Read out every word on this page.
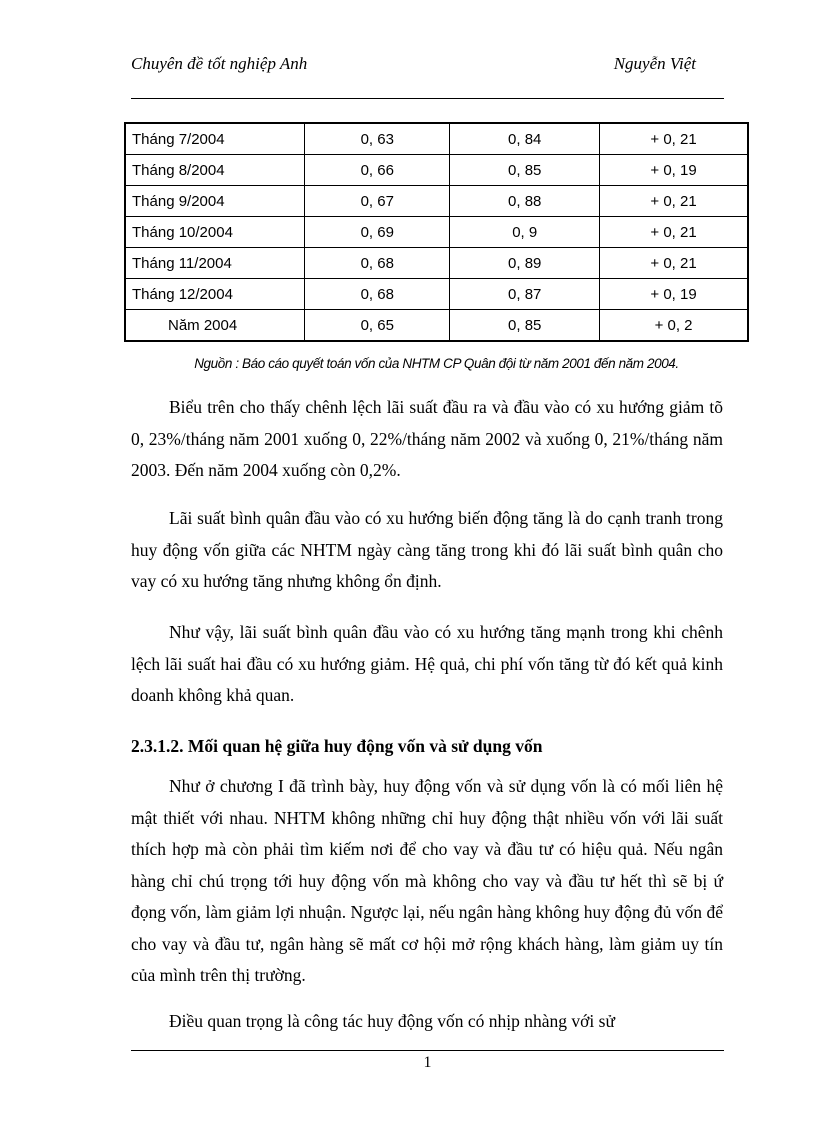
Chuyên đề tốt nghiệp Anh	Nguyễn Việt
Tháng 7/2004	0, 63	0, 84	+ 0, 21
Tháng 8/2004	0, 66	0, 85	+ 0, 19
Tháng 9/2004	0, 67	0, 88	+ 0, 21
Tháng 10/2004	0, 69	0, 9	+ 0, 21
Tháng 11/2004	0, 68	0, 89	+ 0, 21
Tháng 12/2004	0, 68	0, 87	+ 0, 19
Năm 2004	0, 65	0, 85	+ 0, 2
Nguồn : Báo cáo quyết toán vốn của NHTM CP Quân đội từ năm 2001 đến năm 2004.

Biểu trên cho thấy chênh lệch lãi suất đầu ra và đầu vào có xu hướng giảm tõ 0, 23%/tháng năm 2001 xuống 0, 22%/tháng năm 2002 và xuống 0, 21%/tháng năm 2003. Đến năm 2004 xuống còn 0,2%.

Lãi suất bình quân đầu vào có xu hướng biến động tăng là do cạnh tranh trong huy động vốn giữa các NHTM ngày càng tăng trong khi đó lãi suất bình quân cho vay có xu hướng tăng nhưng không ổn định.

Như vậy, lãi suất bình quân đầu vào có xu hướng tăng mạnh trong khi chênh lệch lãi suất hai đầu có xu hướng giảm. Hệ quả, chi phí vốn tăng từ đó kết quả kinh doanh không khả quan.

2.3.1.2. Mối quan hệ giữa huy động vốn và sử dụng vốn

Như ở chương I đã trình bày, huy động vốn và sử dụng vốn là có mối liên hệ mật thiết với nhau. NHTM không những chỉ huy động thật nhiều vốn với lãi suất thích hợp mà còn phải tìm kiếm nơi để cho vay và đầu tư có hiệu quả. Nếu ngân hàng chỉ chú trọng tới huy động vốn mà không cho vay và đầu tư hết thì sẽ bị ứ đọng vốn, làm giảm lợi nhuận. Ngược lại, nếu ngân hàng không huy động đủ vốn để cho vay và đầu tư, ngân hàng sẽ mất cơ hội mở rộng khách hàng, làm giảm uy tín của mình trên thị trường.

Điều quan trọng là công tác huy động vốn có nhịp nhàng với sử

1
